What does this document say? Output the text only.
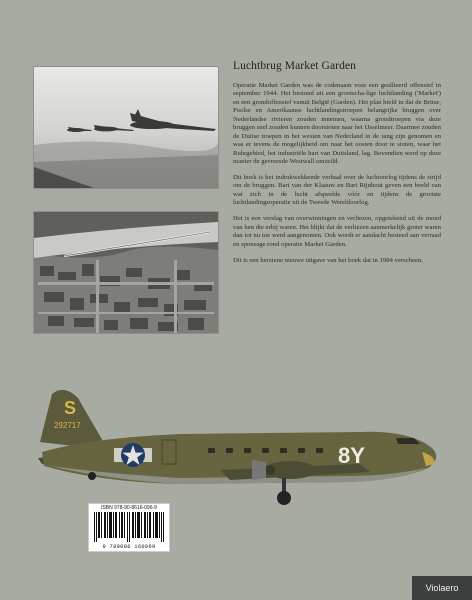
Luchtbrug Market Garden

Operatie Market Garden was de codenaam voor een geallieerd offensief in september 1944. Het bestond uit een grootscha-lige luchtlanding ('Market') en een grondoffensief vanuit België (Garden). Het plan hield in dat de Britse, Poolse en Amerikaanse luchtlandingstroepen belangrijke bruggen over Nederlandse rivieren zouden innemen, waarna grondtroepen via deze bruggen snel zouden kunnen doorstoten naar het IJsselmeer. Daarmee zouden de Duitse troepen in het westen van Nederland in de tang zijn genomen en was er tevens de mogelijkheid om naar het oosten door te stoten, waar het Ruhrgebied, het industriële hart van Duitsland, lag. Bovendien werd op deze manier de gevreesde Westwall omzeild.

Dit boek is het indrukwekkende verhaal over de luchtoorlog tijdens de strijd om de bruggen. Bart van der Klaauw en Bart Rijnhout geven een beeld van wat zich in de lucht afspeelde vóór en tijdens de grootste luchtlandingsoperatie uit de Tweede Wereldoorlog.

Het is een verslag van overwinningen en verliezen, opgetekend uit de mond van hen die erbij waren. Het blijkt dat de verliezen aanmerkelijk groter waren dan tot nu toe werd aangenomen. Ook wordt er aandacht besteed aan verraad en sponsage rond operatie Market Garden.

Dit is een herziene nieuwe uitgave van het boek dat in 1984 verscheen.

S
292717
8Y
ISBN 978-90-8616-096-9
9 789086 160969
Violaero
